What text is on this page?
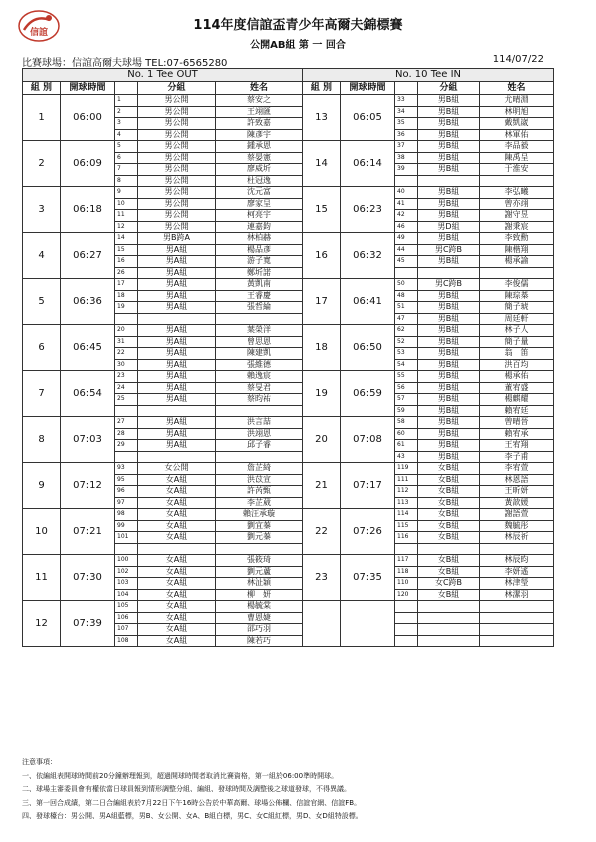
信誼	114年度信誼盃青少年高爾夫錦標賽
公開AB組 第 一 回合
比賽球場：信誼高爾夫球場 TEL:07-6565280	114/07/22
No. 1 Tee OUT				
組 別	開球時間		分組	姓名
1	06:00	1	男公開	蔡安之
		2	男公開	王翊匯
		3	男公開	許致嘉
		4	男公開	陳彥宇
2	06:09	5	男公開	鍾承恩
		6	男公開	蔡晏憲
		7	男公開	廖威圻
		8	男公開	杜冠逸
3	06:18	9	男公開	沈元富
		10	男公開	廖家呈
		11	男公開	柯亮宇
		12	男公開	連嘉鈞
4	06:27	14	男B跨A	林柏赫
		15	男A組	楊品彥
		16	男A組	游子寬
		26	男A組	鄭圻諾
5	06:36	17	男A組	黃凱南
		18	男A組	王睿慶
		19	男A組	張哲綸

6	06:45	20	男A組	葉榮洋
		31	男A組	曾思恩
		22	男A組	陳建凱
		30	男A組	張維德
7	06:54	23	男A組	賴逸宸
		24	男A組	蔡旻君
		25	男A組	蔡昀祐

8	07:03	27	男A組	洪言喆
		28	男A組	洪翊恩
		29	男A組	邱子睿

9	07:12	93	女公開	詹芷綺
		95	女A組	洪苡宣
		96	女A組	許芮甄
		97	女A組	李芷葳
10	07:21	98	女A組	賴汪承璇
		99	女A組	劉宜蓁
		101	女A組	劉元蓁

11	07:30	100	女A組	張筱琦
		102	女A組	劉元蘆
		103	女A組	林沚穎
		104	女A組	柳　妍
12	07:39	105	女A組	楊毓棠
		106	女A組	曹恩婕
		107	女A組	邵巧羽
		108	女A組	陳若巧
No. 10 Tee IN				
組 別	開球時間		分組	姓名
13	06:05	33	男B組	尤晴淵
		34	男B組	林明旭
		35	男B組	戴凱崴
		36	男B組	林軍佑
14	06:14	37	男B組	李品毅
		38	男B組	陳禹呈
		39	男B組	于淮安

15	06:23	40	男B組	李弘曦
		41	男B組	曾亦翊
		42	男B組	謝守昱
		46	男D組	謝秉宸
16	06:32	49	男B組	李致勳
		44	男C跨B	陳楷翔
		45	男B組	楊承諭

17	06:41	50	男C跨B	李俊儒
		48	男B組	陳琮棊
		51	男B組	簡子琥
		47	男B組	周廷軒
18	06:50	62	男B組	林子人
		52	男B組	簡子量
		53	男B組	翁　笛
		54	男B組	洪百均
19	06:59	55	男B組	楊承佑
		56	男B組	董宥盛
		57	男B組	楊麒耀
		59	男B組	賴宥廷
20	07:08	58	男B組	曾晴晉
		60	男B組	賴宥承
		61	男B組	王宥翔
		43	男B組	李子甫
21	07:17	119	女B組	李宥萱
		111	女B組	林恩語
		112	女B組	王昕妍
		113	女B組	黃歆媛
22	07:26	114	女B組	謝語萱
		115	女B組	魏毓彤
		116	女B組	林辰祈

23	07:35	117	女B組	林辰昀
		118	女B組	李妍遙
		110	女C跨B	林津瑩
		120	女B組	林潔羽

注意事項：
一、依編組表開球時間前20分鐘辦理報到，超過開球時間者取消比賽資格，第一組於06:00準時開球。
二、球場主審委員會有權依當日球員報到情形調整分組、編組、發球時間及調整後之球道發球，不得異議。
三、第一回合成績，第二日合編組表於7月22日下午16時公告於中華高爾、球場公佈欄、信誼官網、信誼FB。
四、發球檯台：男公開、男A組藍標，男B、女公開、女A、B組白標，男C、女C組紅標，男D、女D組特設標。
